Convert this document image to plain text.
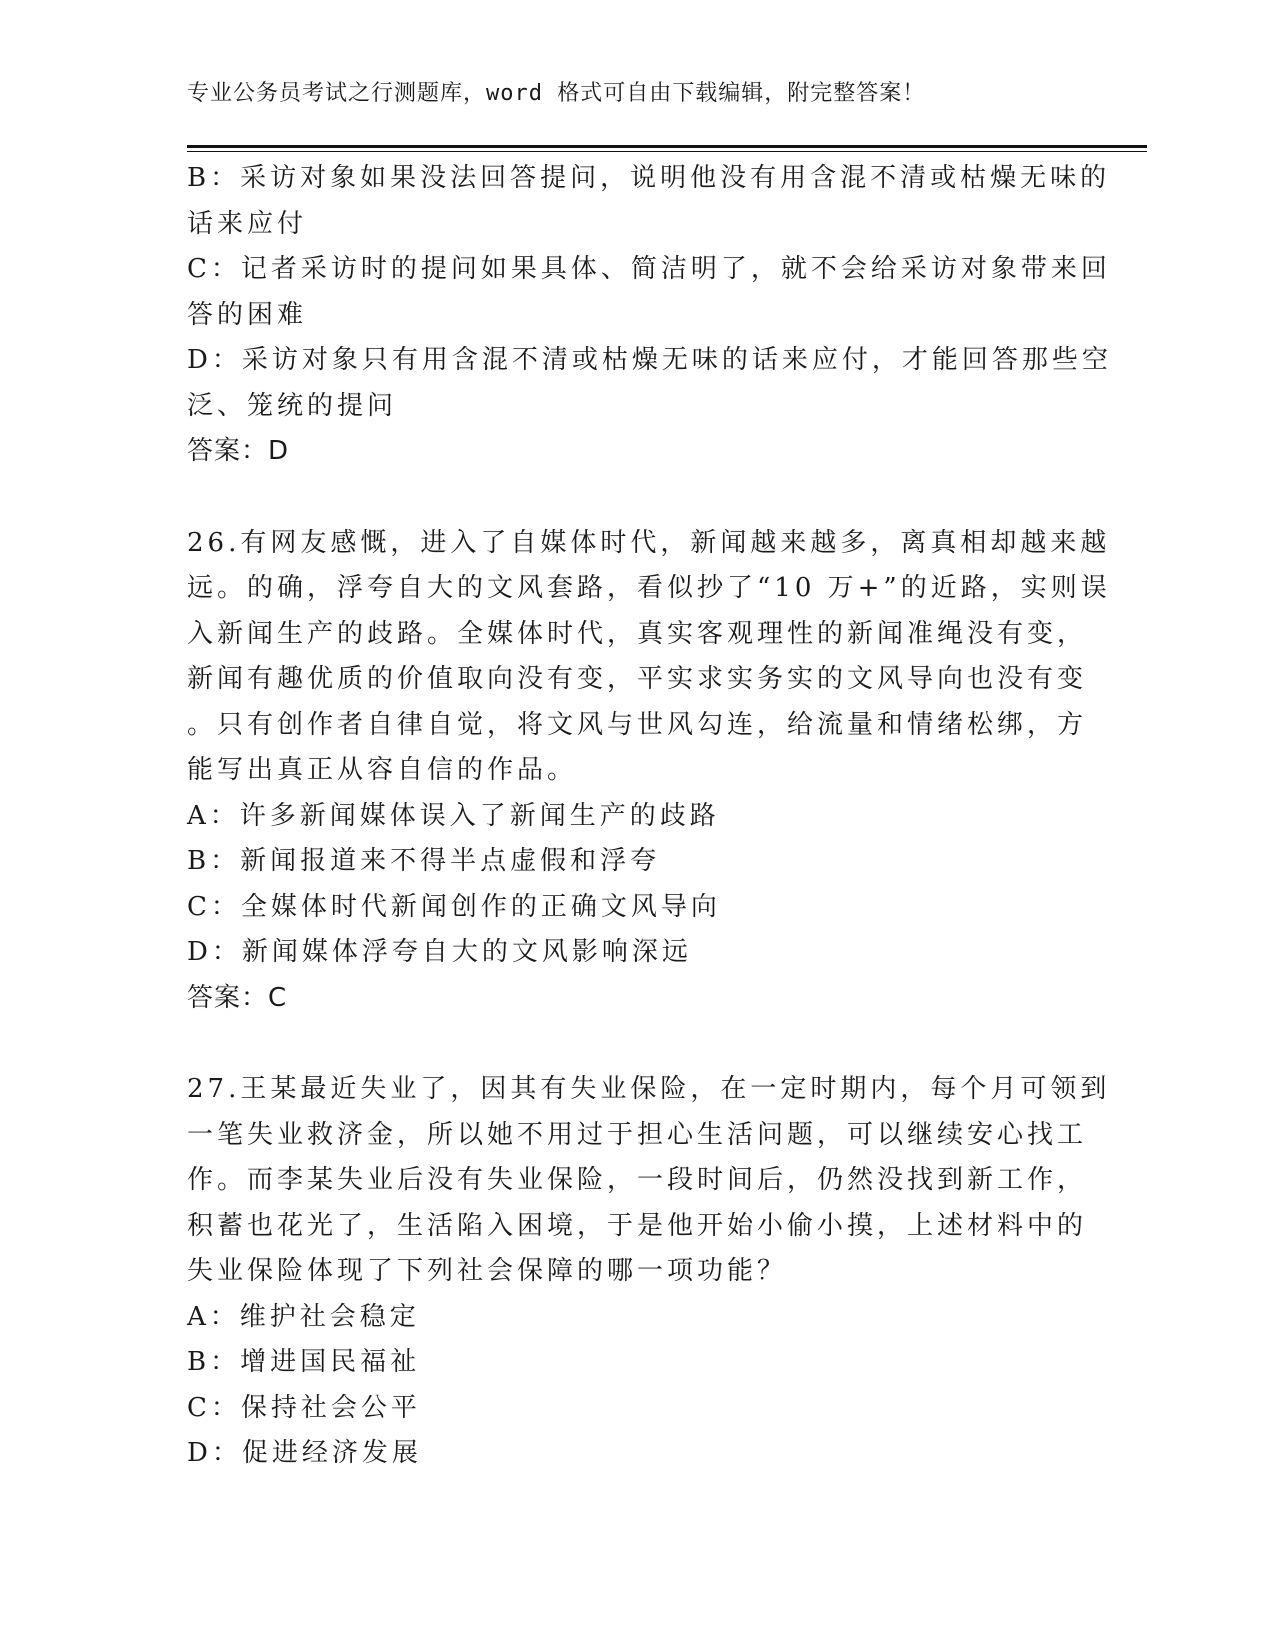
专业公务员考试之行测题库，word 格式可自由下载编辑，附完整答案！
B：采访对象如果没法回答提问，说明他没有用含混不清或枯燥无味的
话来应付
C：记者采访时的提问如果具体、简洁明了，就不会给采访对象带来回
答的困难
D：采访对象只有用含混不清或枯燥无味的话来应付，才能回答那些空
泛、笼统的提问
答案：D
26.有网友感慨，进入了自媒体时代，新闻越来越多，离真相却越来越
远。的确，浮夸自大的文风套路，看似抄了“10 万+”的近路，实则误
入新闻生产的歧路。全媒体时代，真实客观理性的新闻准绳没有变，
新闻有趣优质的价值取向没有变，平实求实务实的文风导向也没有变
。只有创作者自律自觉，将文风与世风勾连，给流量和情绪松绑，方
能写出真正从容自信的作品。
A：许多新闻媒体误入了新闻生产的歧路
B：新闻报道来不得半点虚假和浮夸
C：全媒体时代新闻创作的正确文风导向
D：新闻媒体浮夸自大的文风影响深远
答案：C
27.王某最近失业了，因其有失业保险，在一定时期内，每个月可领到
一笔失业救济金，所以她不用过于担心生活问题，可以继续安心找工
作。而李某失业后没有失业保险，一段时间后，仍然没找到新工作，
积蓄也花光了，生活陷入困境，于是他开始小偷小摸，上述材料中的
失业保险体现了下列社会保障的哪一项功能？
A：维护社会稳定
B：增进国民福祉
C：保持社会公平
D：促进经济发展
